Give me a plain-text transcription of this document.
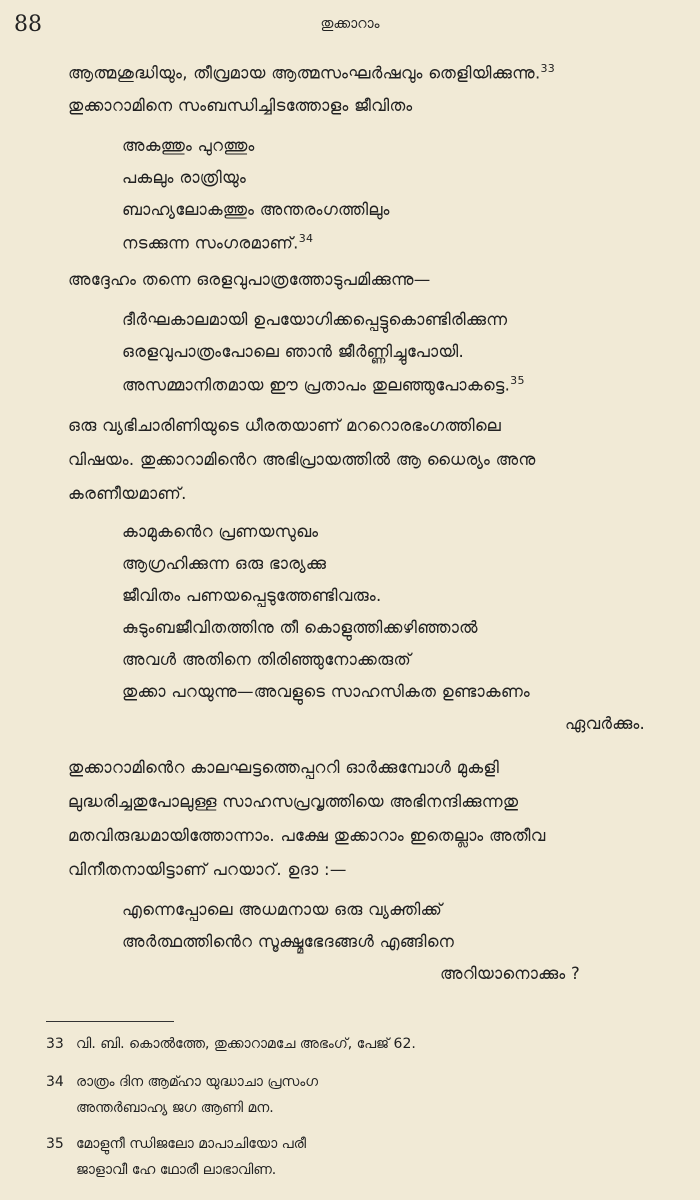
88	തുക്കാറാം
ആത്മശുദ്ധിയും, തീവ്രമായ ആത്മസംഘർഷവും തെളിയിക്കുന്നു.$^{33}$
തുക്കാറാമിനെ സംബന്ധിച്ചിടത്തോളം ജീവിതം
അകത്തും പുറത്തും
പകലും രാത്രിയും
ബാഹ്യലോകത്തും അന്തരംഗത്തിലും
നടക്കുന്ന സംഗരമാണ്.$^{34}$
അദ്ദേഹം തന്നെ ഒരളവുപാത്രത്തോടുപമിക്കുന്നു—
ദീർഘകാലമായി ഉപയോഗിക്കപ്പെട്ടുകൊണ്ടിരിക്കുന്ന
ഒരളവുപാത്രംപോലെ ഞാൻ ജീർണ്ണിച്ചുപോയി.
അസമ്മാനിതമായ ഈ പ്രതാപം തുലഞ്ഞുപോകട്ടെ.$^{35}$
ഒരു വ്യഭിചാരിണിയുടെ ധീരതയാണ് മററൊരഭംഗത്തിലെ
വിഷയം. തുക്കാറാമിൻെറ അഭിപ്രായത്തിൽ ആ ധൈര്യം അനു
കരണീയമാണ്.
കാമുകൻെറ പ്രണയസുഖം
ആഗ്രഹിക്കുന്ന ഒരു ഭാര്യക്കു
ജീവിതം പണയപ്പെടുത്തേണ്ടിവരും.
കുടുംബജീവിതത്തിനു തീ കൊളുത്തിക്കഴിഞ്ഞാൽ
അവൾ അതിനെ തിരിഞ്ഞുനോക്കരുത്
തുക്കാ പറയുന്നു—അവളുടെ സാഹസികത ഉണ്ടാകണം
ഏവർക്കും.
തുക്കാറാമിൻെറ കാലഘട്ടത്തെപ്പററി ഓർക്കുമ്പോൾ മുകളി
ലുദ്ധരിച്ചതുപോലുള്ള സാഹസപ്രവൃത്തിയെ അഭിനന്ദിക്കുന്നതു
മതവിരുദ്ധമായിത്തോന്നാം. പക്ഷേ തുക്കാറാം ഇതെല്ലാം അതീവ
വിനീതനായിട്ടാണ് പറയാറ്. ഉദാ :—
എന്നെപ്പോലെ അധമനായ ഒരു വ്യക്തിക്ക്
അർത്ഥത്തിൻെറ സൂക്ഷ്മഭേദങ്ങൾ എങ്ങിനെ
അറിയാനൊക്കും ?
33 വി. ബി. കൊൽത്തേ, തുക്കാറാമചേ അഭംഗ്, പേജ് 62.
34 രാത്രം ദിന ആമ്ഹാ യുദ്ധാചാ പ്രസംഗ
അന്തർബാഹ്യ ജഗ ആണി മന.
35 മോളുനീ ന്ധിജലോ മാപാചിയോ പരീ
ജാളാവീ ഹേ ഥോരീ ലാഭാവിണ.
